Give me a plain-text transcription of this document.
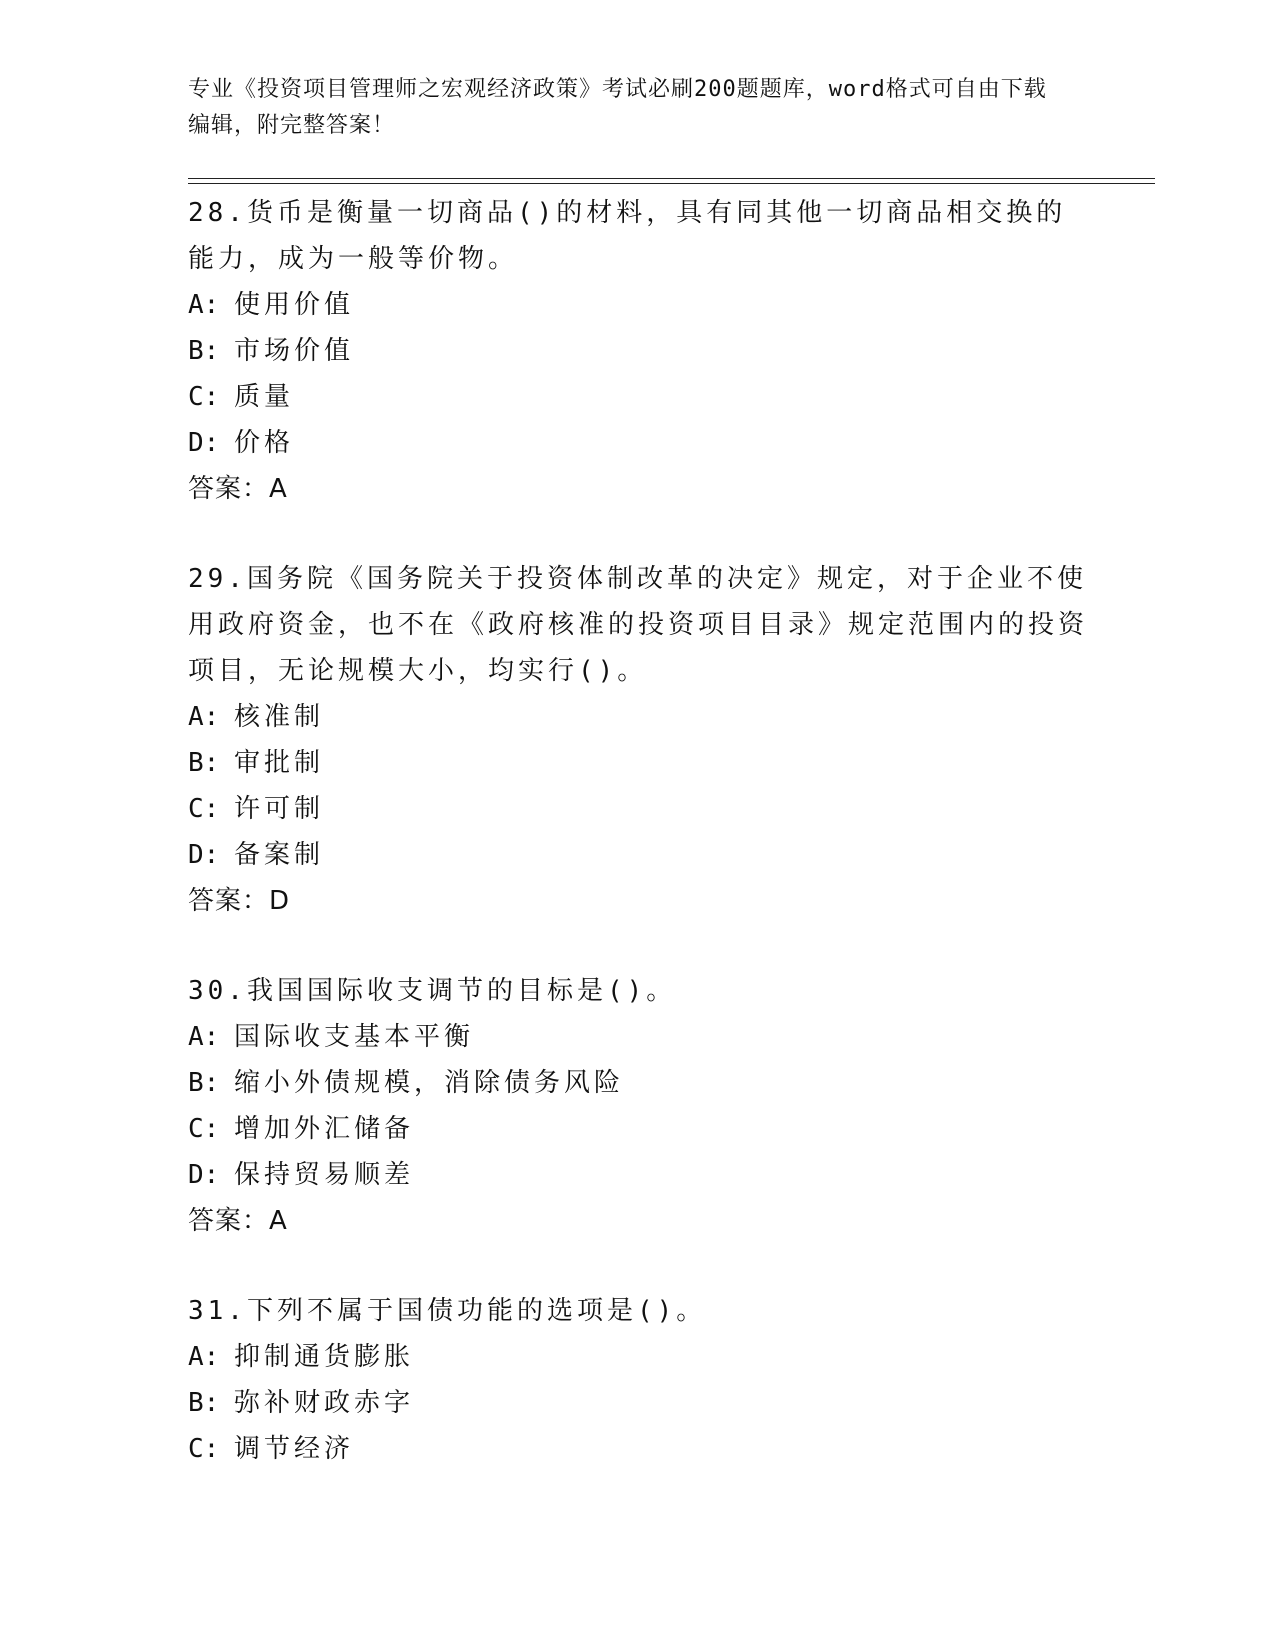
专业《投资项目管理师之宏观经济政策》考试必刷200题题库，word格式可自由下载编辑，附完整答案！
28.货币是衡量一切商品()的材料，具有同其他一切商品相交换的能力，成为一般等价物。
A: 使用价值
B: 市场价值
C: 质量
D: 价格
答案：A
29.国务院《国务院关于投资体制改革的决定》规定，对于企业不使用政府资金，也不在《政府核准的投资项目目录》规定范围内的投资项目，无论规模大小，均实行()。
A: 核准制
B: 审批制
C: 许可制
D: 备案制
答案：D
30.我国国际收支调节的目标是()。
A: 国际收支基本平衡
B: 缩小外债规模，消除债务风险
C: 增加外汇储备
D: 保持贸易顺差
答案：A
31.下列不属于国债功能的选项是()。
A: 抑制通货膨胀
B: 弥补财政赤字
C: 调节经济
